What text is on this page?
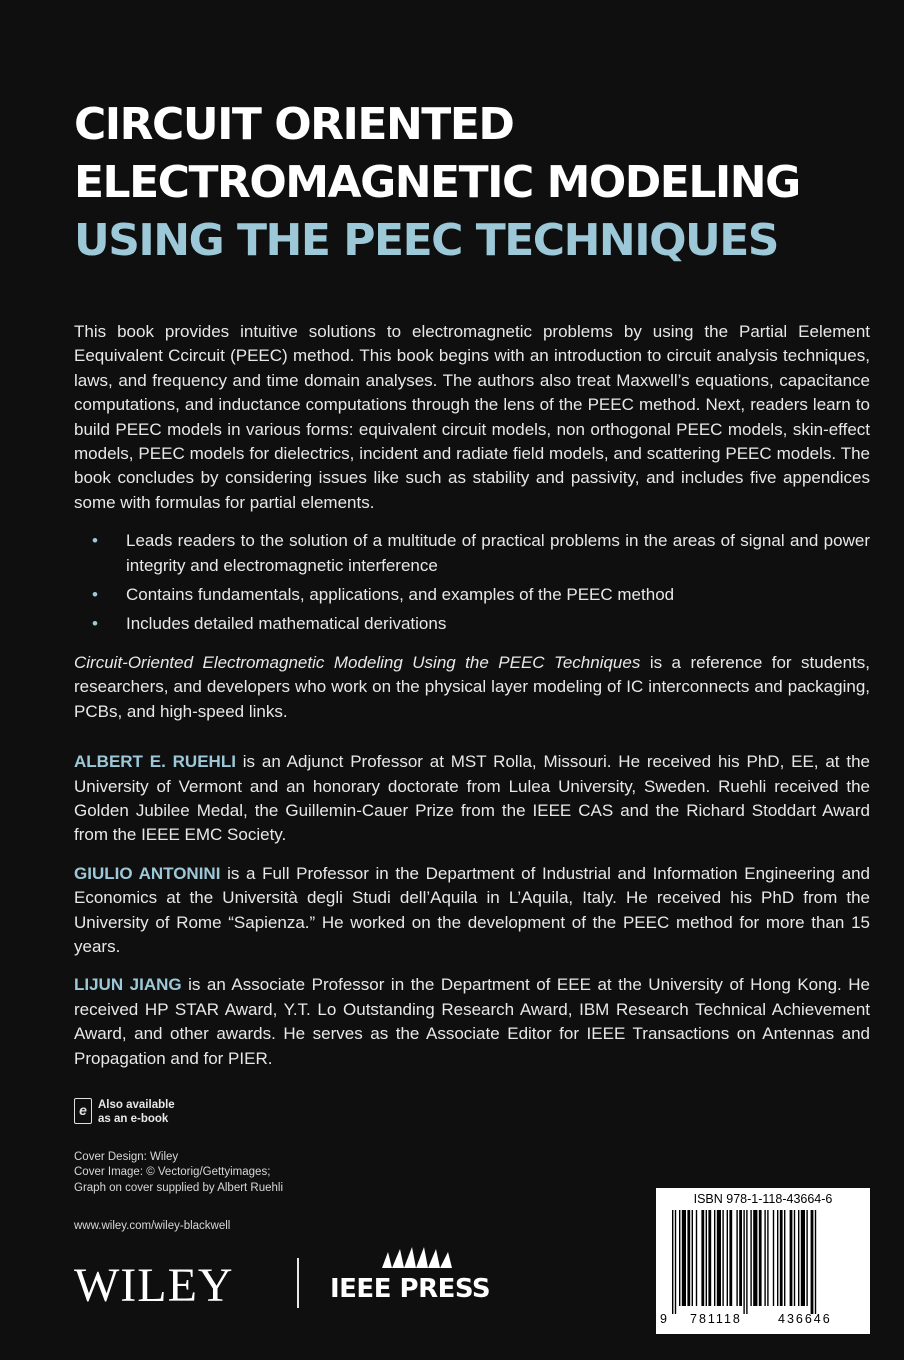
CIRCUIT ORIENTED
ELECTROMAGNETIC MODELING
USING THE PEEC TECHNIQUES

This book provides intuitive solutions to electromagnetic problems by using the Partial Eelement Eequivalent Ccircuit (PEEC) method. This book begins with an introduction to circuit analysis techniques, laws, and frequency and time domain analyses. The authors also treat Maxwell’s equations, capacitance computations, and inductance computations through the lens of the PEEC method. Next, readers learn to build PEEC models in various forms: equivalent circuit models, non orthogonal PEEC models, skin-effect models, PEEC models for dielectrics, incident and radiate field models, and scattering PEEC models. The book concludes by considering issues like such as stability and passivity, and includes five appendices some with formulas for partial elements.

• Leads readers to the solution of a multitude of practical problems in the areas of signal and power integrity and electromagnetic interference
• Contains fundamentals, applications, and examples of the PEEC method
• Includes detailed mathematical derivations

Circuit-Oriented Electromagnetic Modeling Using the PEEC Techniques is a reference for students, researchers, and developers who work on the physical layer modeling of IC interconnects and packaging, PCBs, and high-speed links.

ALBERT E. RUEHLI is an Adjunct Professor at MST Rolla, Missouri. He received his PhD, EE, at the University of Vermont and an honorary doctorate from Lulea University, Sweden. Ruehli received the Golden Jubilee Medal, the Guillemin-Cauer Prize from the IEEE CAS and the Richard Stoddart Award from the IEEE EMC Society.

GIULIO ANTONINI is a Full Professor in the Department of Industrial and Information Engineering and Economics at the Università degli Studi dell’Aquila in L’Aquila, Italy. He received his PhD from the University of Rome “Sapienza.” He worked on the development of the PEEC method for more than 15 years.

LIJUN JIANG is an Associate Professor in the Department of EEE at the University of Hong Kong. He received HP STAR Award, Y.T. Lo Outstanding Research Award, IBM Research Technical Achievement Award, and other awards. He serves as the Associate Editor for IEEE Transactions on Antennas and Propagation and for PIER.

e Also available
as an e-book
Cover Design: Wiley
Cover Image: © Vectorig/Gettyimages;
Graph on cover supplied by Albert Ruehli
www.wiley.com/wiley-blackwell
WILEY	IEEE PRESS
ISBN 978-1-118-43664-6
9 781118	436646
